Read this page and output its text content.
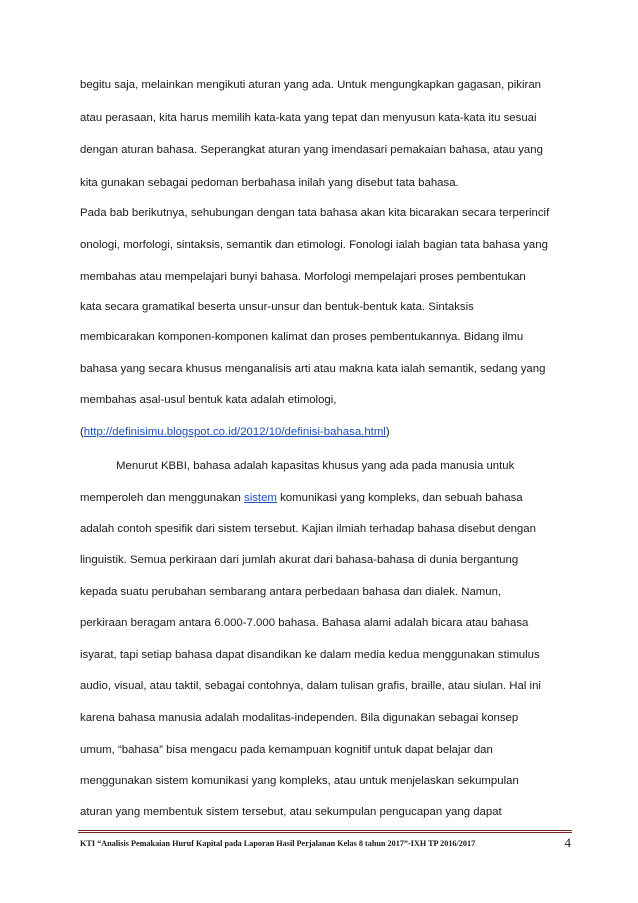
begitu saja, melainkan mengikuti aturan yang ada. Untuk mengungkapkan gagasan, pikiran
atau perasaan, kita harus memilih kata-kata yang tepat dan menyusun kata-kata itu sesuai
dengan aturan bahasa. Seperangkat aturan yang imendasari pemakaian bahasa, atau yang
kita gunakan sebagai pedoman berbahasa inilah yang disebut tata bahasa.
Pada bab berikutnya, sehubungan dengan tata bahasa akan kita bicarakan secara terperincif
onologi, morfologi, sintaksis, semantik dan etimologi. Fonologi ialah bagian tata bahasa yang
membahas atau mempelajari bunyi bahasa. Morfologi mempelajari proses pembentukan
kata secara gramatikal beserta unsur-unsur dan bentuk-bentuk kata. Sintaksis
membicarakan komponen-komponen kalimat dan proses pembentukannya. Bidang ilmu
bahasa yang secara khusus menganalisis arti atau makna kata ialah semantik, sedang yang
membahas asal-usul bentuk kata adalah etimologi,
(http://definisimu.blogspot.co.id/2012/10/definisi-bahasa.html)
Menurut KBBI, bahasa adalah kapasitas khusus yang ada pada manusia untuk
memperoleh dan menggunakan sistem komunikasi yang kompleks, dan sebuah bahasa
adalah contoh spesifik dari sistem tersebut. Kajian ilmiah terhadap bahasa disebut dengan
linguistik. Semua perkiraan dari jumlah akurat dari bahasa-bahasa di dunia bergantung
kepada suatu perubahan sembarang antara perbedaan bahasa dan dialek. Namun,
perkiraan beragam antara 6.000-7.000 bahasa. Bahasa alami adalah bicara atau bahasa
isyarat, tapi setiap bahasa dapat disandikan ke dalam media kedua menggunakan stimulus
audio, visual, atau taktil, sebagai contohnya, dalam tulisan grafis, braille, atau siulan. Hal ini
karena bahasa manusia adalah modalitas-independen. Bila digunakan sebagai konsep
umum, “bahasa” bisa mengacu pada kemampuan kognitif untuk dapat belajar dan
menggunakan sistem komunikasi yang kompleks, atau untuk menjelaskan sekumpulan
aturan yang membentuk sistem tersebut, atau sekumpulan pengucapan yang dapat
KTI “Analisis Pemakaian Huruf Kapital pada Laporan Hasil Perjalanan Kelas 8 tahun 2017”-IXH TP 2016/2017	4
